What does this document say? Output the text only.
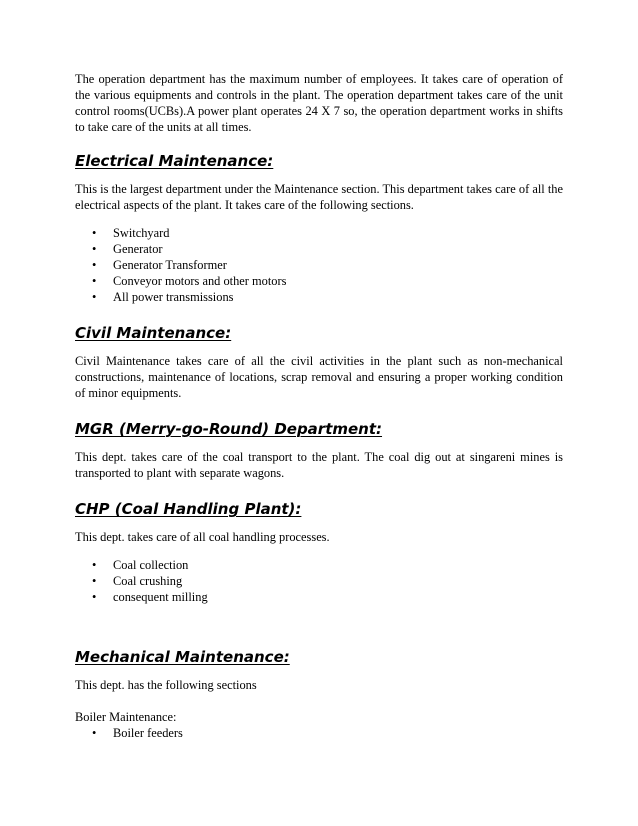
The operation department has the maximum number of employees. It takes care of operation of the various equipments and controls in the plant. The operation department takes care of the unit control rooms(UCBs).A power plant operates 24 X 7 so, the operation department works in shifts to take care of the units at all times.

Electrical Maintenance:

This is the largest department under the Maintenance section. This department takes care of all the electrical aspects of the plant. It takes care of the following sections.

• Switchyard
• Generator
• Generator Transformer
• Conveyor motors and other motors
• All power transmissions
Civil Maintenance:

Civil Maintenance takes care of all the civil activities in the plant such as non-mechanical constructions, maintenance of locations, scrap removal and ensuring a proper working condition of minor equipments.

MGR (Merry-go-Round) Department:

This dept. takes care of the coal transport to the plant. The coal dig out at singareni mines is transported to plant with separate wagons.

CHP (Coal Handling Plant):

This dept. takes care of all coal handling processes.

• Coal collection
• Coal crushing
• consequent milling
Mechanical Maintenance:

This dept. has the following sections

Boiler Maintenance:

• Boiler feeders
